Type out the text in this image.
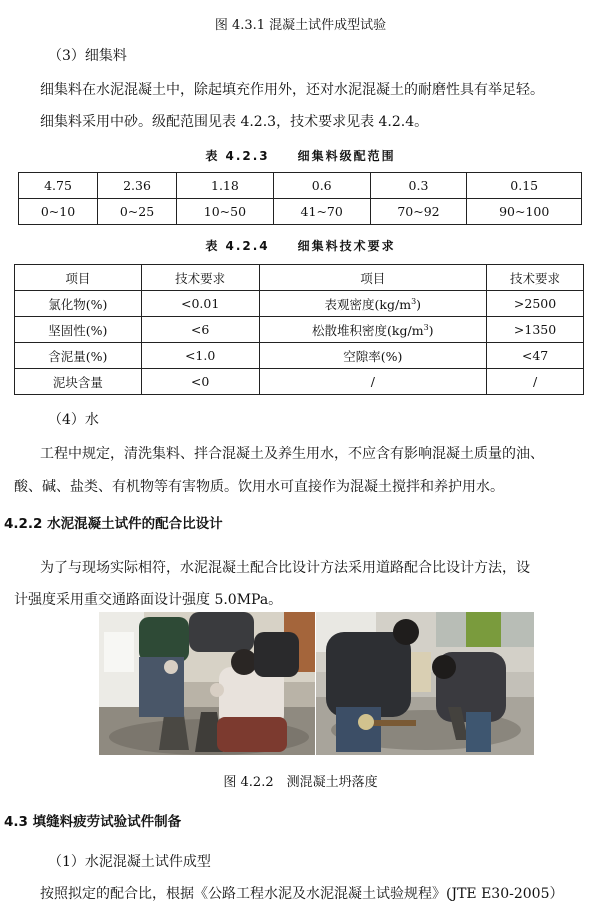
图 4.3.1 混凝土试件成型试验
（3）细集料
细集料在水泥混凝土中，除起填充作用外，还对水泥混凝土的耐磨性具有举足轻。
细集料采用中砂。级配范围见表 4.2.3，技术要求见表 4.2.4。
表 4.2.3　　细集料级配范围
4.75	2.36	1.18	0.6	0.3	0.15
0~10	0~25	10~50	41~70	70~92	90~100
表 4.2.4　　细集料技术要求
项目	技术要求	项目	技术要求
氯化物(%)	<0.01	表观密度$(kg/m^3)$	>2500
坚固性(%)	<6	松散堆积密度$(kg/m^3)$	>1350
含泥量(%)	<1.0	空隙率(%)	<47
泥块含量	<0	/	/
（4）水
工程中规定，清洗集料、拌合混凝土及养生用水，不应含有影响混凝土质量的油、
酸、碱、盐类、有机物等有害物质。饮用水可直接作为混凝土搅拌和养护用水。
4.2.2 水泥混凝土试件的配合比设计
为了与现场实际相符，水泥混凝土配合比设计方法采用道路配合比设计方法，设
计强度采用重交通路面设计强度 5.0MPa。
图 4.2.2　测混凝土坍落度
4.3 填缝料疲劳试验试件制备
（1）水泥混凝土试件成型
按照拟定的配合比，根据《公路工程水泥及水泥混凝土试验规程》(JTE E30-2005）
